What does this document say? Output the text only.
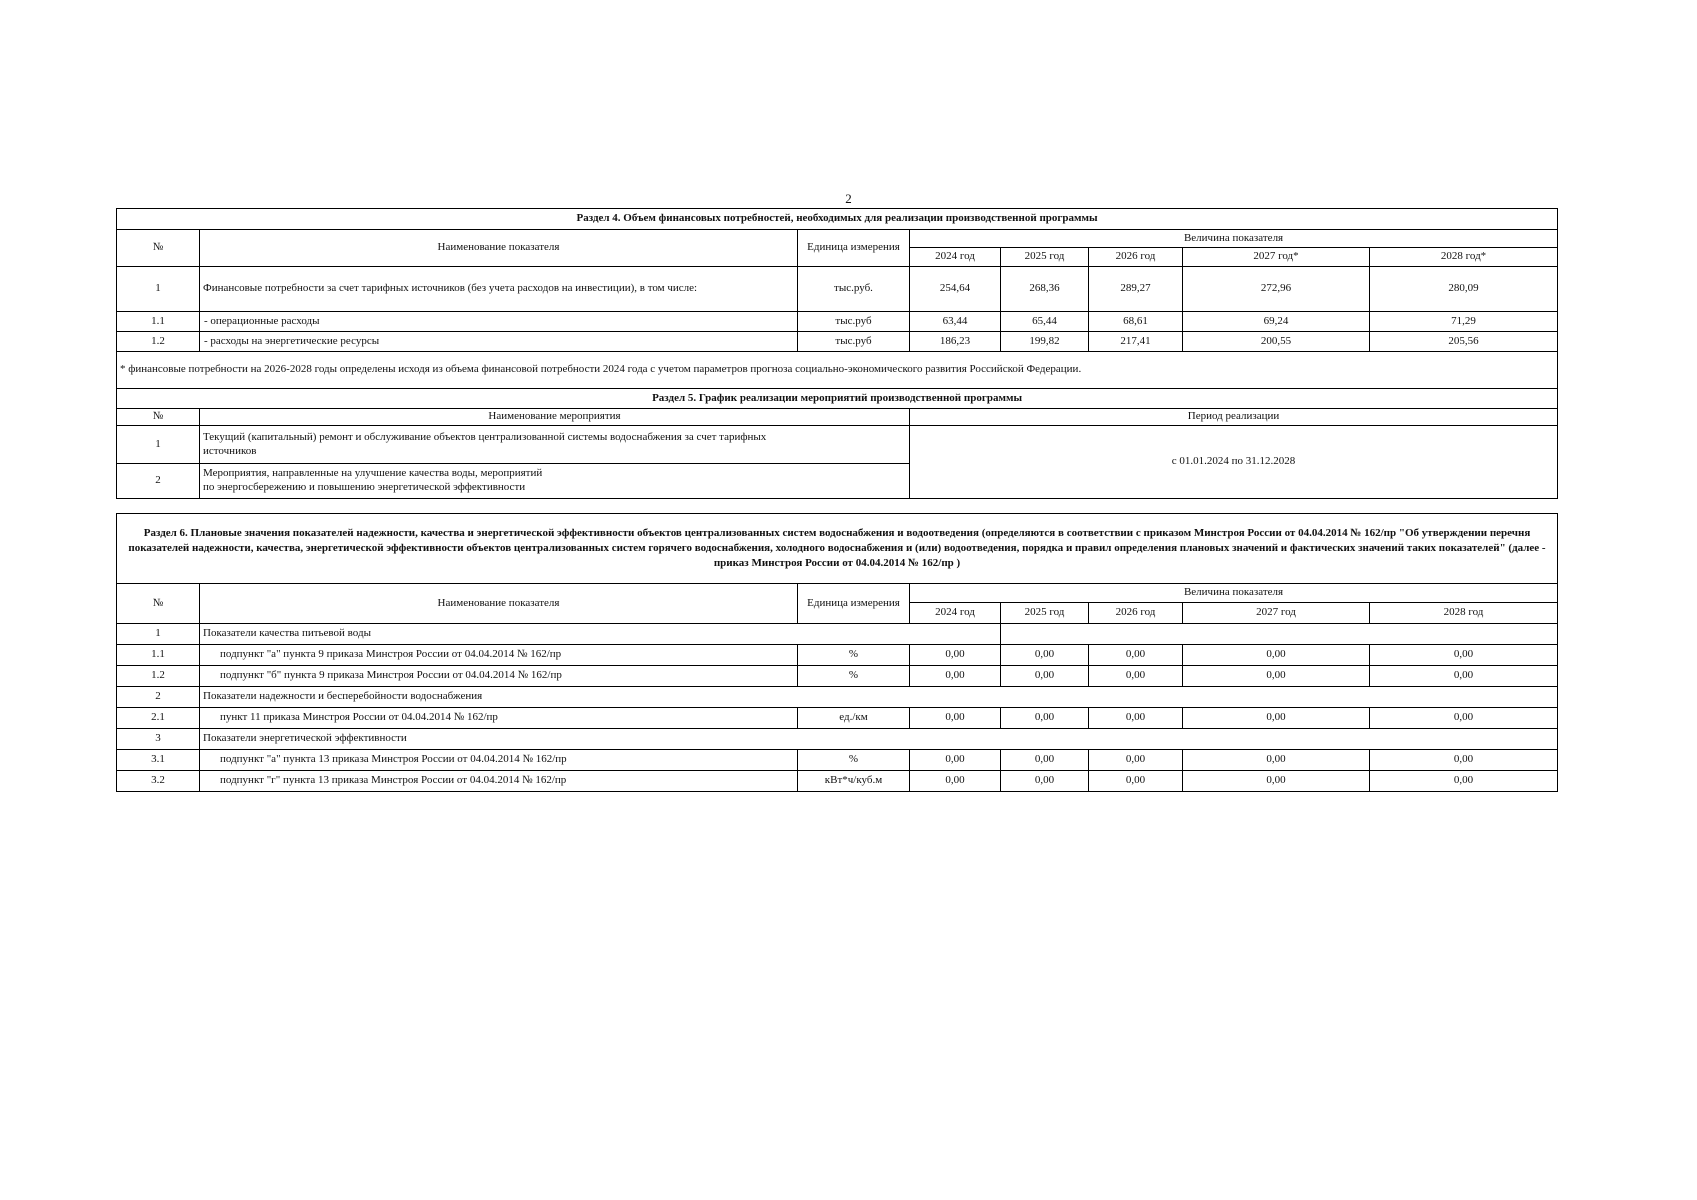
2
Раздел 4. Объем финансовых потребностей, необходимых для реализации производственной программы							
№	Наименование показателя	Единица измерения	Величина показателя				
			2024 год	2025 год	2026 год	2027 год*	2028 год*
1	Финансовые потребности за счет тарифных источников (без учета расходов на инвестиции), в том числе:	тыс.руб.	254,64	268,36	289,27	272,96	280,09
1.1	- операционные расходы	тыс.руб	63,44	65,44	68,61	69,24	71,29
1.2	- расходы на энергетические ресурсы	тыс.руб	186,23	199,82	217,41	200,55	205,56
* финансовые потребности на 2026-2028 годы определены исходя из объема финансовой потребности 2024 года с учетом параметров прогноза социально-экономического развития Российской Федерации.							
Раздел 5. График реализации мероприятий производственной программы							
№	Наименование мероприятия		Период реализации				
1	Текущий (капитальный) ремонт и обслуживание объектов централизованной системы водоснабжения за счет тарифных
источников		с 01.01.2024 по 31.12.2028				
2	Мероприятия, направленные на улучшение качества воды, мероприятий
по энергосбережению и повышению энергетической эффективности						
Раздел 6. Плановые значения показателей надежности, качества и энергетической эффективности объектов централизованных систем водоснабжения и водоотведения (определяются в соответствии с приказом Минстроя России от 04.04.2014 № 162/пр "Об утверждении перечня показателей надежности, качества, энергетической эффективности объектов централизованных систем горячего водоснабжения, холодного водоснабжения и (или) водоотведения, порядка и правил определения плановых значений и фактических значений таких показателей" (далее - приказ Минстроя России от 04.04.2014 № 162/пр )							
№	Наименование показателя	Единица измерения	Величина показателя				
			2024 год	2025 год	2026 год	2027 год	2028 год
1	Показатели качества питьевой воды						
1.1	подпункт "а" пункта 9 приказа Минстроя России от 04.04.2014 № 162/пр	%	0,00	0,00	0,00	0,00	0,00
1.2	подпункт "б" пункта 9 приказа Минстроя России от 04.04.2014 № 162/пр	%	0,00	0,00	0,00	0,00	0,00
2	Показатели надежности и бесперебойности водоснабжения						
2.1	пункт 11 приказа Минстроя России от 04.04.2014 № 162/пр	ед./км	0,00	0,00	0,00	0,00	0,00
3	Показатели энергетической эффективности						
3.1	подпункт "а" пункта 13 приказа Минстроя России от 04.04.2014 № 162/пр	%	0,00	0,00	0,00	0,00	0,00
3.2	подпункт "г" пункта 13 приказа Минстроя России от 04.04.2014 № 162/пр	кВт*ч/куб.м	0,00	0,00	0,00	0,00	0,00
